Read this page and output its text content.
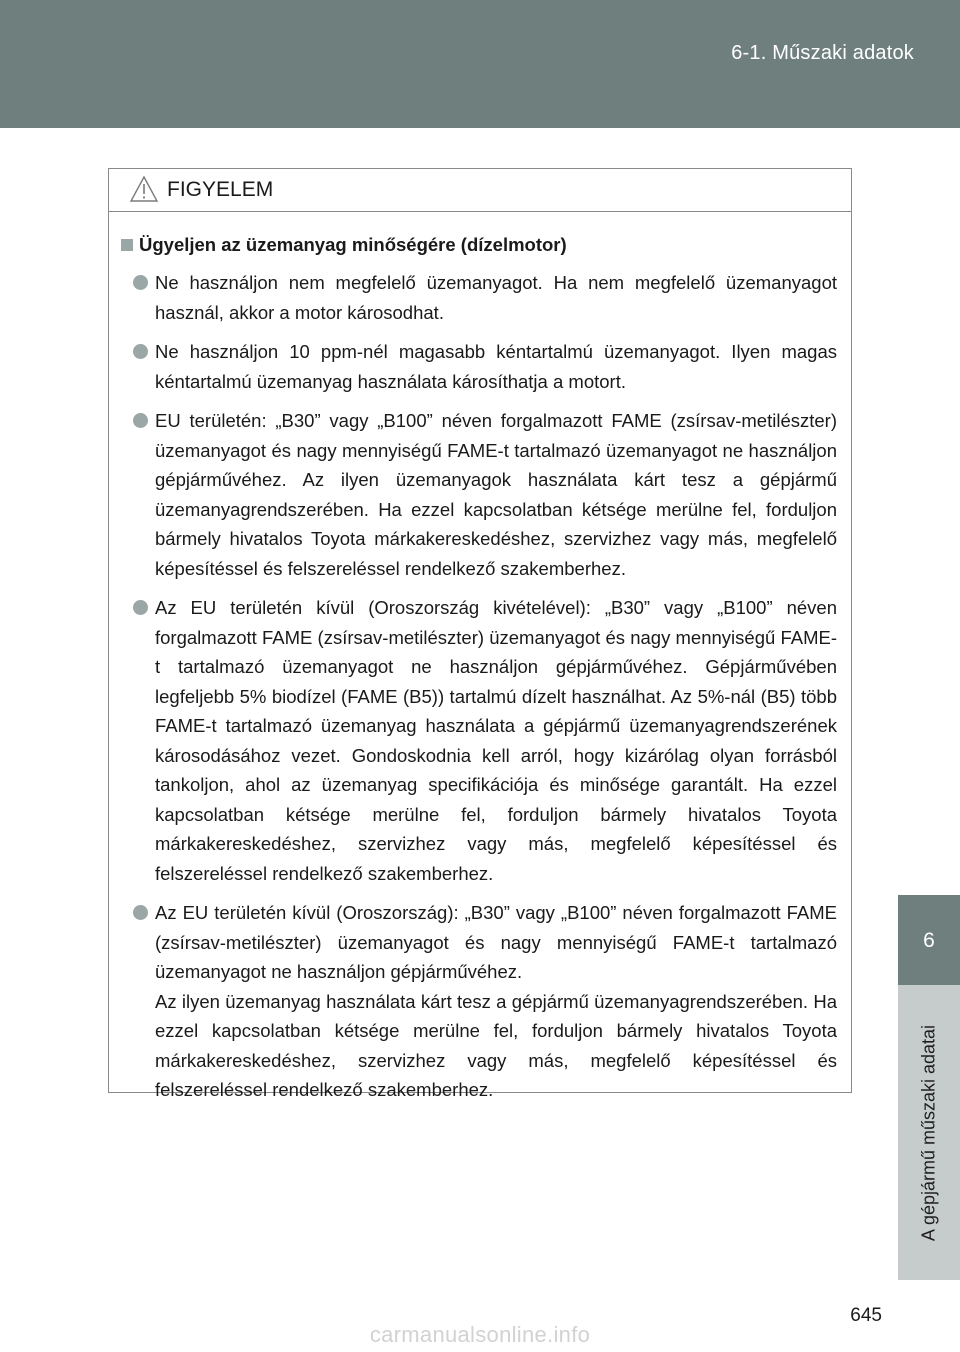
6-1. Műszaki adatok
6
A gépjármű műszaki adatai
FIGYELEM
Ügyeljen az üzemanyag minőségére (dízelmotor)
Ne használjon nem megfelelő üzemanyagot. Ha nem megfelelő üzemanyagot használ, akkor a motor károsodhat.
Ne használjon 10 ppm-nél magasabb kéntartalmú üzemanyagot. Ilyen magas kéntartalmú üzemanyag használata károsíthatja a motort.
EU területén: „B30” vagy „B100” néven forgalmazott FAME (zsírsav-metilészter) üzemanyagot és nagy mennyiségű FAME-t tartalmazó üzemanyagot ne használjon gépjárművéhez. Az ilyen üzemanyagok használata kárt tesz a gépjármű üzemanyagrendszerében. Ha ezzel kapcsolatban kétsége merülne fel, forduljon bármely hivatalos Toyota márkakereskedéshez, szervizhez vagy más, megfelelő képesítéssel és felszereléssel rendelkező szakemberhez.
Az EU területén kívül (Oroszország kivételével): „B30” vagy „B100” néven forgalmazott FAME (zsírsav-metilészter) üzemanyagot és nagy mennyiségű FAME-t tartalmazó üzemanyagot ne használjon gépjárművéhez. Gépjárművében legfeljebb 5% biodízel (FAME (B5)) tartalmú dízelt használhat. Az 5%-nál (B5) több FAME-t tartalmazó üzemanyag használata a gépjármű üzemanyagrendszerének károsodásához vezet. Gondoskodnia kell arról, hogy kizárólag olyan forrásból tankoljon, ahol az üzemanyag specifikációja és minősége garantált. Ha ezzel kapcsolatban kétsége merülne fel, forduljon bármely hivatalos Toyota márkakereskedéshez, szervizhez vagy más, megfelelő képesítéssel és felszereléssel rendelkező szakemberhez.
Az EU területén kívül (Oroszország): „B30” vagy „B100” néven forgalmazott FAME (zsírsav-metilészter) üzemanyagot és nagy mennyiségű FAME-t tartalmazó üzemanyagot ne használjon gépjárművéhez.
Az ilyen üzemanyag használata kárt tesz a gépjármű üzemanyagrendszerében. Ha ezzel kapcsolatban kétsége merülne fel, forduljon bármely hivatalos Toyota márkakereskedéshez, szervizhez vagy más, megfelelő képesítéssel és felszereléssel rendelkező szakemberhez.
645
carmanualsonline.info
